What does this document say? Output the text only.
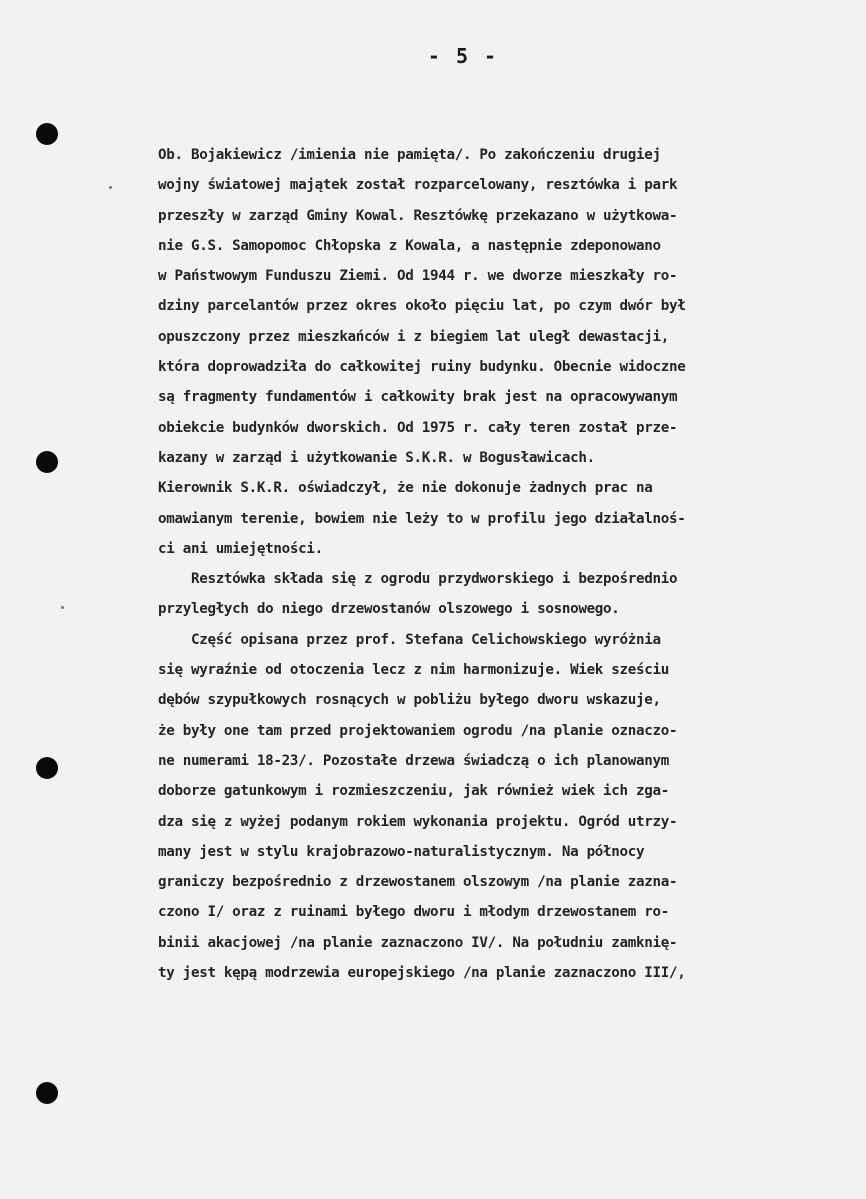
- 5 -
Ob. Bojakiewicz /imienia nie pamięta/. Po zakończeniu drugiej
wojny światowej majątek został rozparcelowany, resztówka i park
przeszły w zarząd Gminy Kowal. Resztówkę przekazano w użytkowa-
nie G.S. Samopomoc Chłopska z Kowala, a następnie zdeponowano
w Państwowym Funduszu Ziemi. Od 1944 r. we dworze mieszkały ro-
dziny parcelantów przez okres około pięciu lat, po czym dwór był
opuszczony przez mieszkańców i z biegiem lat uległ dewastacji,
która doprowadziła do całkowitej ruiny budynku. Obecnie widoczne
są fragmenty fundamentów i całkowity brak jest na opracowywanym
obiekcie budynków dworskich. Od 1975 r. cały teren został prze-
kazany w zarząd i użytkowanie S.K.R. w Bogusławicach.
Kierownik S.K.R. oświadczył, że nie dokonuje żadnych prac na
omawianym terenie, bowiem nie leży to w profilu jego działalnoś-
ci ani umiejętności.
Resztówka składa się z ogrodu przydworskiego i bezpośrednio
przyległych do niego drzewostanów olszowego i sosnowego.
Część opisana przez prof. Stefana Celichowskiego wyróżnia
się wyraźnie od otoczenia lecz z nim harmonizuje. Wiek sześciu
dębów szypułkowych rosnących w pobliżu byłego dworu wskazuje,
że były one tam przed projektowaniem ogrodu /na planie oznaczo-
ne numerami 18-23/. Pozostałe drzewa świadczą o ich planowanym
doborze gatunkowym i rozmieszczeniu, jak również wiek ich zga-
dza się z wyżej podanym rokiem wykonania projektu. Ogród utrzy-
many jest w stylu krajobrazowo-naturalistycznym. Na północy
graniczy bezpośrednio z drzewostanem olszowym /na planie zazna-
czono I/ oraz z ruinami byłego dworu i młodym drzewostanem ro-
binii akacjowej /na planie zaznaczono IV/. Na południu zamknię-
ty jest kępą modrzewia europejskiego /na planie zaznaczono III/,
